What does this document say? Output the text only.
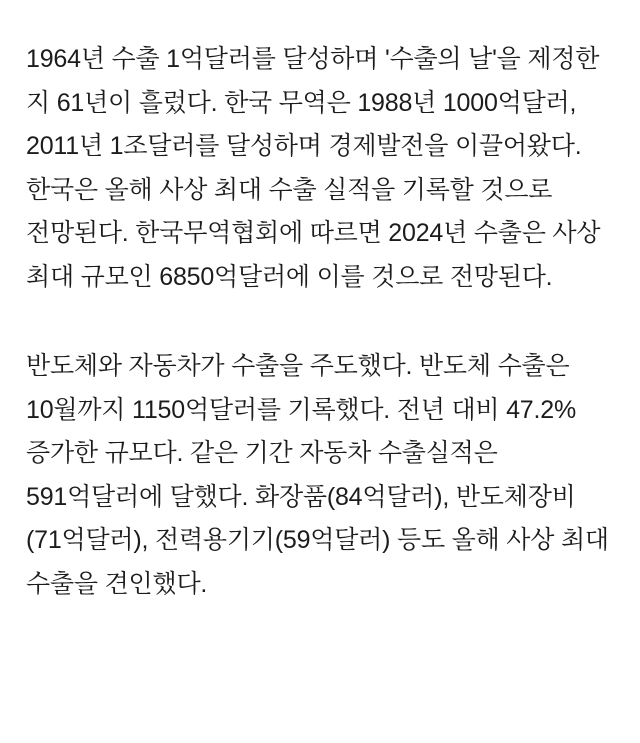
1964년 수출 1억달러를 달성하며 '수출의 날'을 제정한 지 61년이 흘렀다. 한국 무역은 1988년 1000억달러, 2011년 1조달러를 달성하며 경제발전을 이끌어왔다. 한국은 올해 사상 최대 수출 실적을 기록할 것으로 전망된다. 한국무역협회에 따르면 2024년 수출은 사상 최대 규모인 6850억달러에 이를 것으로 전망된다.

반도체와 자동차가 수출을 주도했다. 반도체 수출은 10월까지 1150억달러를 기록했다. 전년 대비 47.2% 증가한 규모다. 같은 기간 자동차 수출실적은 591억달러에 달했다. 화장품(84억달러), 반도체장비(71억달러), 전력용기기(59억달러) 등도 올해 사상 최대 수출을 견인했다.
